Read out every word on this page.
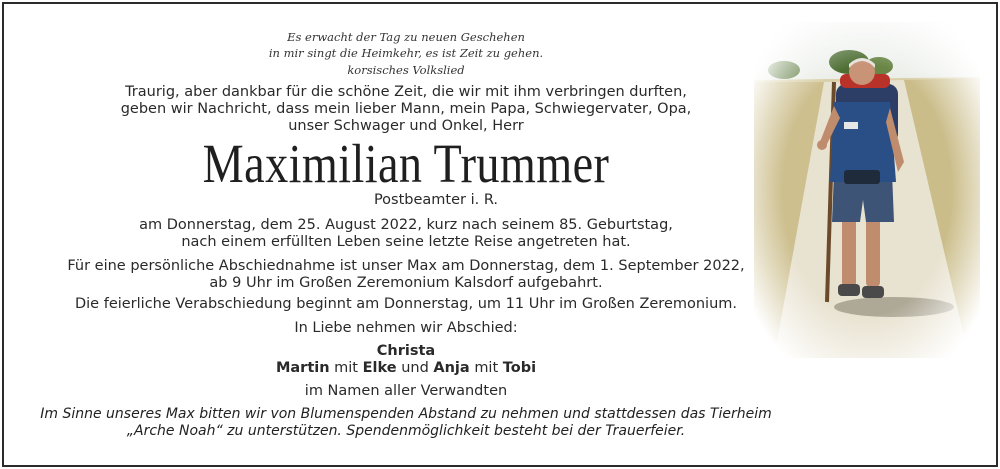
Es erwacht der Tag zu neuen Geschehen
in mir singt die Heimkehr, es ist Zeit zu gehen.
korsisches Volkslied
Traurig, aber dankbar für die schöne Zeit, die wir mit ihm verbringen durften,
geben wir Nachricht, dass mein lieber Mann, mein Papa, Schwiegervater, Opa,
unser Schwager und Onkel, Herr
Maximilian Trummer
Postbeamter i. R.
am Donnerstag, dem 25. August 2022, kurz nach seinem 85. Geburtstag,
nach einem erfüllten Leben seine letzte Reise angetreten hat.
Für eine persönliche Abschiednahme ist unser Max am Donnerstag, dem 1. September 2022,
ab 9 Uhr im Großen Zeremonium Kalsdorf aufgebahrt.
Die feierliche Verabschiedung beginnt am Donnerstag, um 11 Uhr im Großen Zeremonium.
In Liebe nehmen wir Abschied:
Christa
Martin mit Elke und Anja mit Tobi
im Namen aller Verwandten
Im Sinne unseres Max bitten wir von Blumenspenden Abstand zu nehmen und stattdessen das Tierheim
„Arche Noah“ zu unterstützen. Spendenmöglichkeit besteht bei der Trauerfeier.
